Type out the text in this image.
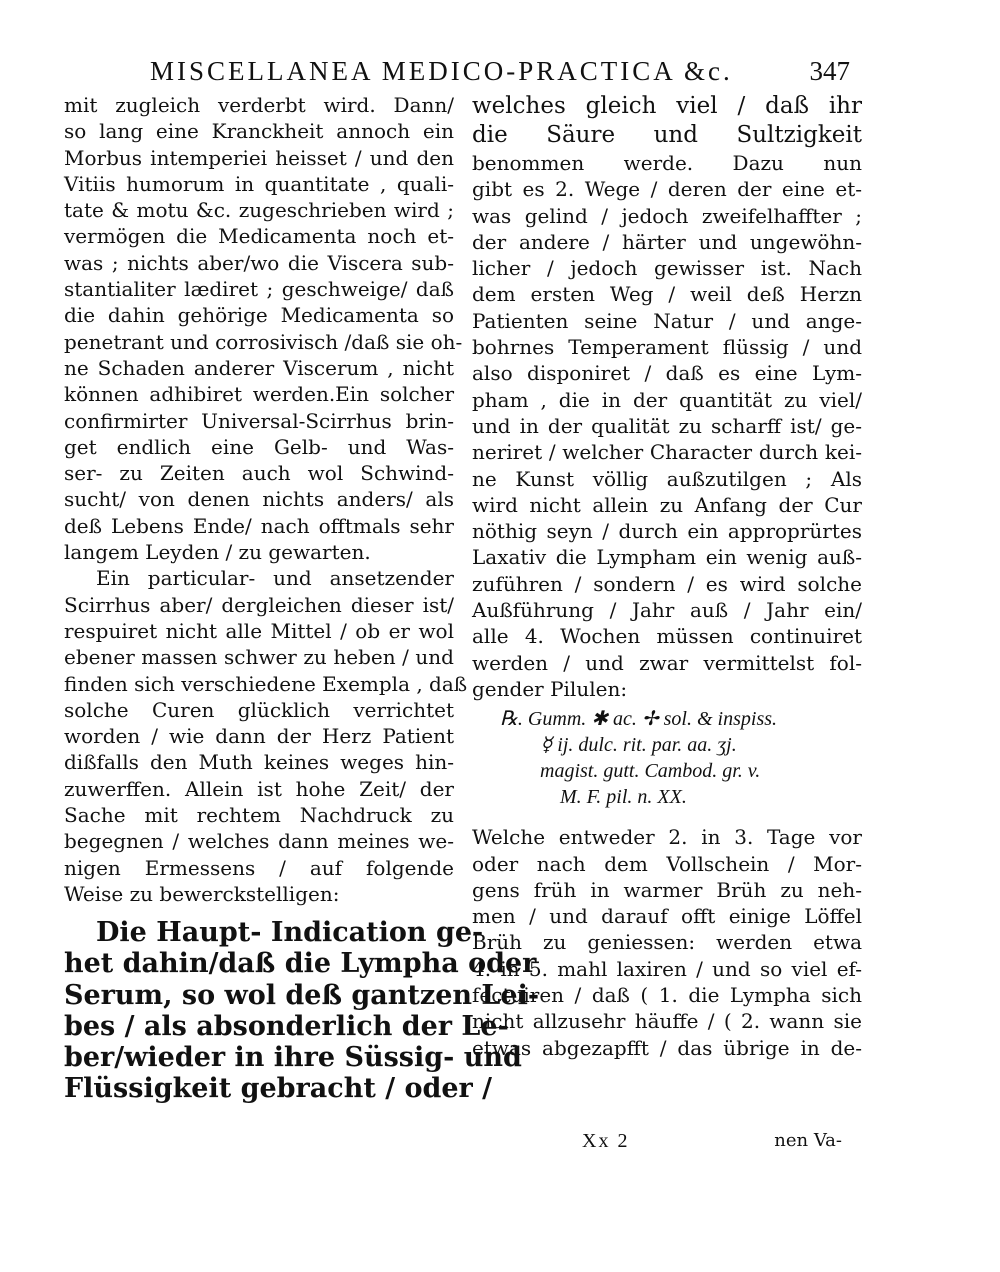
MISCELLANEA MEDICO-PRACTICA &c.	347
mit zugleich verderbt wird. Dann/
so lang eine Kranckheit annoch ein
Morbus intemperiei heisset / und den
Vitiis humorum in quantitate , quali-
tate & motu &c. zugeschrieben wird ;
vermögen die Medicamenta noch et-
was ; nichts aber/wo die Viscera sub-
stantialiter lædiret ; geschweige/ daß
die dahin gehörige Medicamenta so
penetrant und corrosivisch /daß sie oh-
ne Schaden anderer Viscerum , nicht
können adhibiret werden.Ein solcher
confirmirter Universal-Scirrhus brin-
get endlich eine Gelb- und Was-
ser- zu Zeiten auch wol Schwind-
sucht/ von denen nichts anders/ als
deß Lebens Ende/ nach offtmals sehr
langem Leyden / zu gewarten.
Ein particular- und ansetzender
Scirrhus aber/ dergleichen dieser ist/
respuiret nicht alle Mittel / ob er wol
ebener massen schwer zu heben / und
finden sich verschiedene Exempla , daß
solche Curen glücklich verrichtet
worden / wie dann der Herz Patient
dißfalls den Muth keines weges hin-
zuwerffen. Allein ist hohe Zeit/ der
Sache mit rechtem Nachdruck zu
begegnen / welches dann meines we-
nigen Ermessens / auf folgende
Weise zu bewerckstelligen:
Die Haupt- Indication ge-
het dahin/daß die Lympha oder
Serum, so wol deß gantzen Lei-
bes / als absonderlich der Le-
ber/wieder in ihre Süssig- und
Flüssigkeit gebracht / oder /
welches gleich viel / daß ihr
die Säure und Sultzigkeit
benommen werde. Dazu nun
gibt es 2. Wege / deren der eine et-
was gelind / jedoch zweifelhaffter ;
der andere / härter und ungewöhn-
licher / jedoch gewisser ist. Nach
dem ersten Weg / weil deß Herzn
Patienten seine Natur / und ange-
bohrnes Temperament flüssig / und
also disponiret / daß es eine Lym-
pham , die in der quantität zu viel/
und in der qualität zu scharff ist/ ge-
neriret / welcher Character durch kei-
ne Kunst völlig außzutilgen ; Als
wird nicht allein zu Anfang der Cur
nöthig seyn / durch ein approprürtes
Laxativ die Lympham ein wenig auß-
zuführen / sondern / es wird solche
Außführung / Jahr auß / Jahr ein/
alle 4. Wochen müssen continuiret
werden / und zwar vermittelst fol-
gender Pilulen:
℞. Gumm. ✱ ac. ✢ sol. & inspiss.
☿ ij. dulc. rit. par. aa. ʒj.
magist. gutt. Cambod. gr. v.
M. F. pil. n. XX.
Welche entweder 2. in 3. Tage vor
oder nach dem Vollschein / Mor-
gens früh in warmer Brüh zu neh-
men / und darauf offt einige Löffel
Brüh zu geniessen: werden etwa
4. in 5. mahl laxiren / und so viel ef-
fectuiren / daß ( 1. die Lympha sich
nicht allzusehr häuffe / ( 2. wann sie
etwas abgezapfft / das übrige in de-
Xx 2	nen Va-
